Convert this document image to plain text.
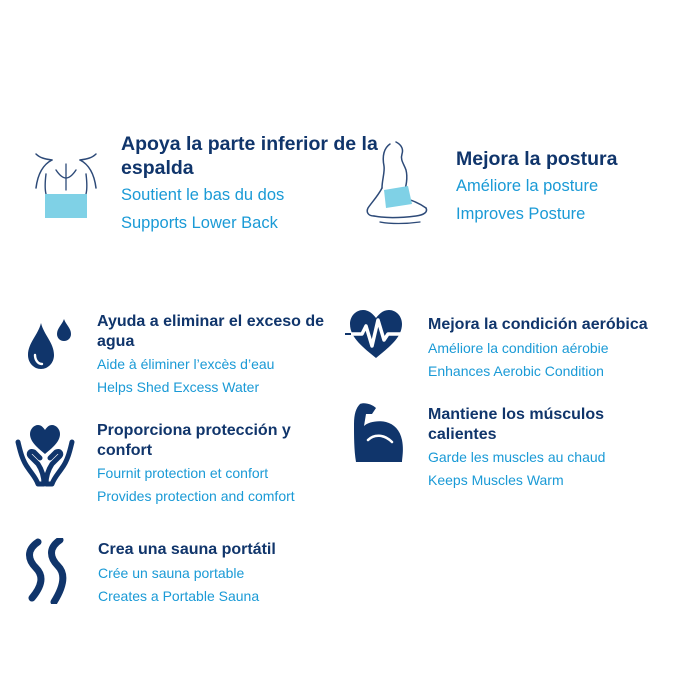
Apoya la parte inferior de la espalda

Soutient le bas du dos

Supports Lower Back

Mejora la postura

Améliore la posture

Improves Posture

Ayuda a eliminar el exceso de agua

Aide à éliminer l’excès d’eau

Helps Shed Excess Water

Mejora la condición aeróbica

Améliore la condition aérobie

Enhances Aerobic Condition

Proporciona protección y confort

Fournit protection et confort

Provides protection and comfort

Mantiene los músculos calientes

Garde les muscles au chaud

Keeps Muscles Warm

Crea una sauna portátil

Crée un sauna portable

Creates a Portable Sauna
